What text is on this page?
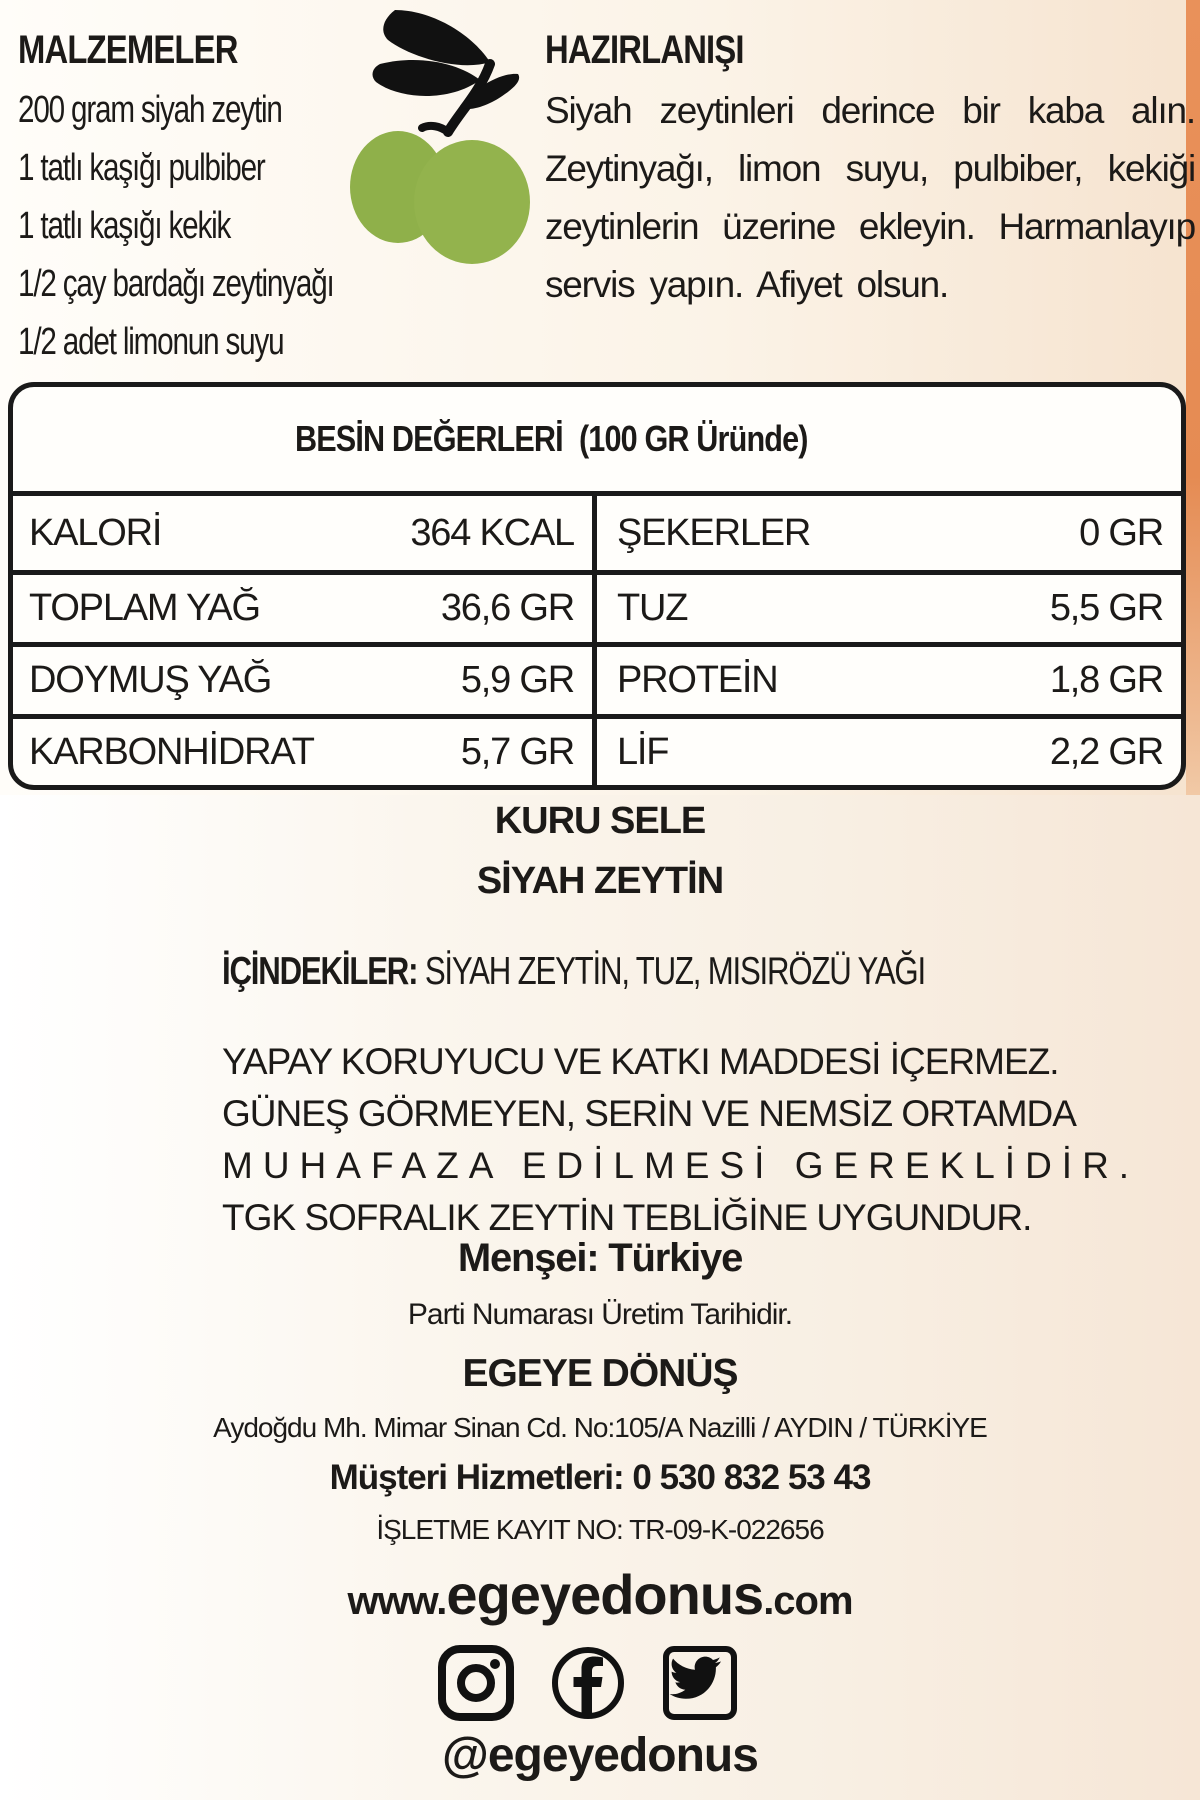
MALZEMELER
200 gram siyah zeytin
1 tatlı kaşığı pulbiber
1 tatlı kaşığı kekik
1/2 çay bardağı zeytinyağı
1/2 adet limonun suyu
HAZIRLANIŞI

Siyah zeytinleri derince bir kaba alın. Zeytinyağı, limon suyu, pulbiber, kekiği zeytinlerin üzerine ekleyin. Harmanlayıp servis yapın. Afiyet olsun.

BESİN DEĞERLERİ (100 GR Üründe)
KALORİ	364 KCAL ŞEKERLER	0 GR
TOPLAM YAĞ	36,6 GR TUZ	5,5 GR
DOYMUŞ YAĞ	5,9 GR PROTEİN	1,8 GR
KARBONHİDRAT	5,7 GR LİF	2,2 GR
KURU SELE
SİYAH ZEYTİN
İÇİNDEKİLER: SİYAH ZEYTİN, TUZ, MISIRÖZÜ YAĞI
YAPAY KORUYUCU VE KATKI MADDESİ İÇERMEZ.
GÜNEŞ GÖRMEYEN, SERİN VE NEMSİZ ORTAMDA
MUHAFAZA EDİLMESİ GEREKLİDİR.
TGK SOFRALIK ZEYTİN TEBLİĞİNE UYGUNDUR.
Menşei: Türkiye
Parti Numarası Üretim Tarihidir.
EGEYE DÖNÜŞ
Aydoğdu Mh. Mimar Sinan Cd. No:105/A Nazilli / AYDIN / TÜRKİYE
Müşteri Hizmetleri: 0 530 832 53 43
İŞLETME KAYIT NO: TR-09-K-022656
www.egeyedonus.com
@egeyedonus
